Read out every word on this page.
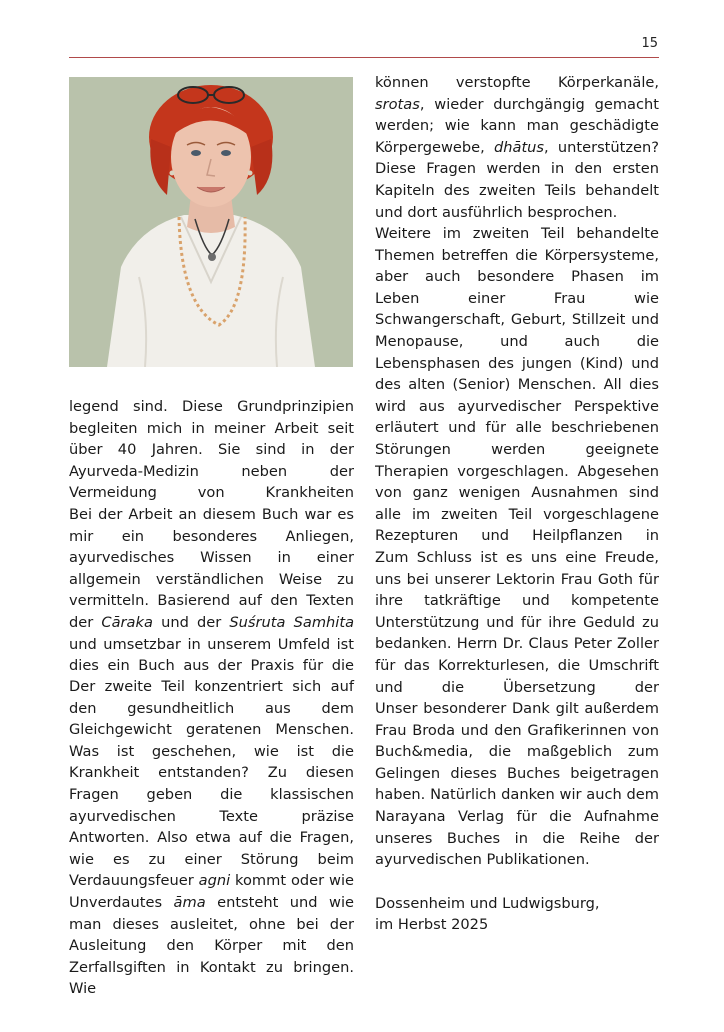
15

legend sind. Diese Grundprinzipien begleiten mich in meiner Arbeit seit über 40 Jahren. Sie sind in der Ayurveda-Medizin neben der Vermeidung von Krankheiten

Bei der Arbeit an diesem Buch war es mir ein besonderes Anliegen, ayurvedisches Wissen in einer allgemein verständlichen Weise zu vermitteln. Basierend auf den Texten der Cāraka und der Suśruta Samhita und umsetzbar in unserem Umfeld ist dies ein Buch aus der Praxis für die

Der zweite Teil konzentriert sich auf den gesundheitlich aus dem Gleichgewicht geratenen Menschen. Was ist geschehen, wie ist die Krankheit entstanden? Zu diesen Fragen geben die klassischen ayurvedischen Texte präzise Antworten. Also etwa auf die Fragen, wie es zu einer Störung beim Verdauungsfeuer agni kommt oder wie Unverdautes āma entsteht und wie man dieses ausleitet, ohne bei der Ausleitung den Körper mit den Zerfallsgiften in Kontakt zu bringen. Wie

können verstopfte Körperkanäle, srotas, wieder durchgängig gemacht werden; wie kann man geschädigte Körpergewebe, dhātus, unterstützen? Diese Fragen werden in den ersten Kapiteln des zweiten Teils behandelt und dort ausführlich besprochen.

Weitere im zweiten Teil behandelte Themen betreffen die Körpersysteme, aber auch besondere Phasen im Leben einer Frau wie Schwangerschaft, Geburt, Stillzeit und Menopause, und auch die Lebensphasen des jungen (Kind) und des alten (Senior) Menschen. All dies wird aus ayurvedischer Perspektive erläutert und für alle beschriebenen Störungen werden geeignete Therapien vorgeschlagen. Abgesehen von ganz wenigen Ausnahmen sind alle im zweiten Teil vorgeschlagene Rezepturen und Heilpflanzen in

Zum Schluss ist es uns eine Freude, uns bei unserer Lektorin Frau Goth für ihre tatkräftige und kompetente Unterstützung und für ihre Geduld zu bedanken. Herrn Dr. Claus Peter Zoller für das Korrekturlesen, die Umschrift und die Übersetzung der

Unser besonderer Dank gilt außerdem Frau Broda und den Grafikerinnen von Buch&media, die maßgeblich zum Gelingen dieses Buches beigetragen haben. Natürlich danken wir auch dem Narayana Verlag für die Aufnahme unseres Buches in die Reihe der ayurvedischen Publikationen.

Dossenheim und Ludwigsburg,

im Herbst 2025
